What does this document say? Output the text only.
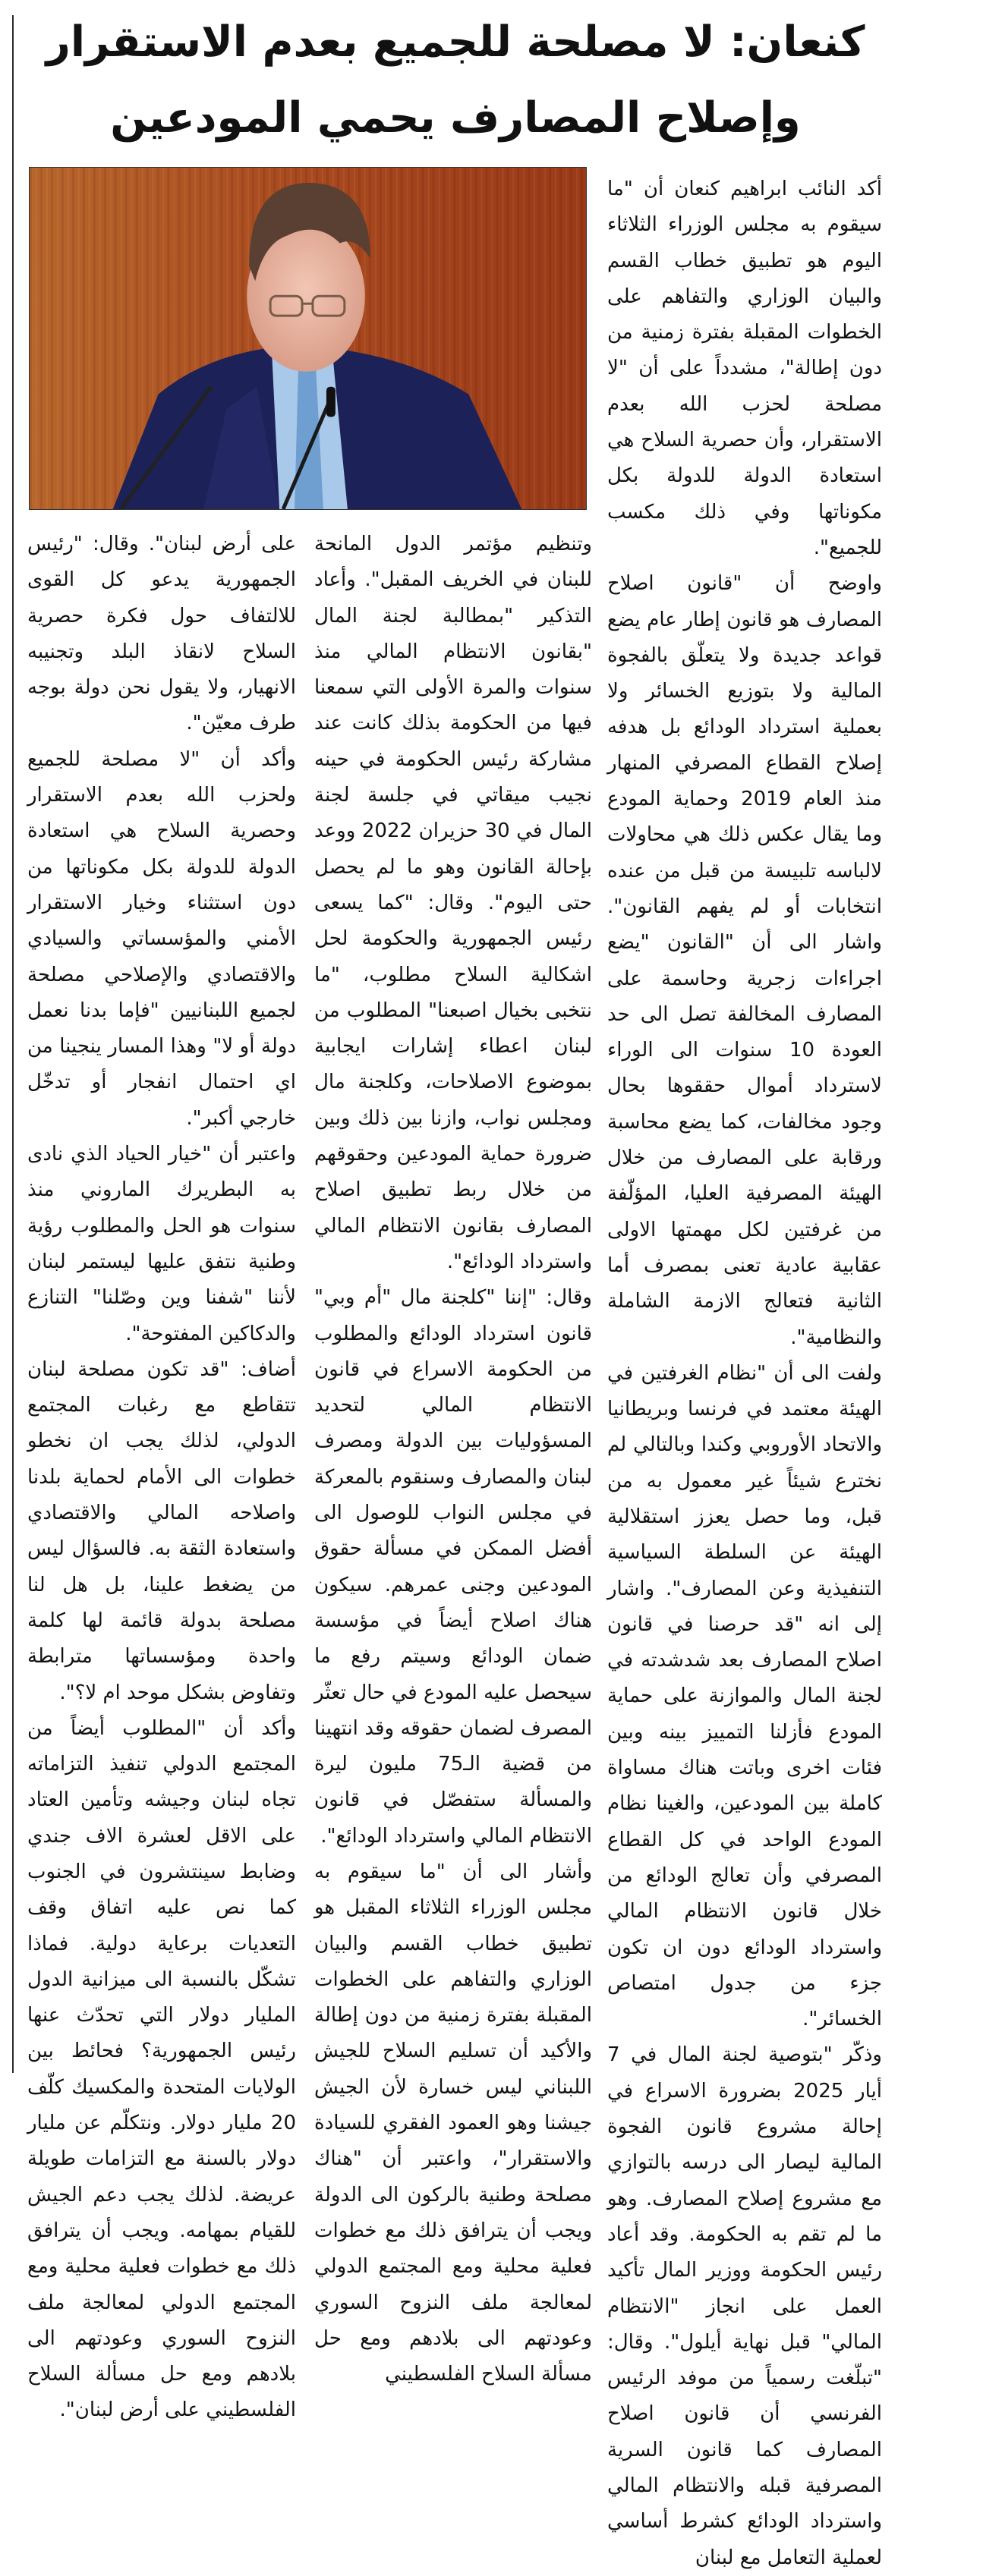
كنعان: لا مصلحة للجميع بعدم الاستقرار
وإصلاح المصارف يحمي المودعين

أكد النائب ابراهيم كنعان أن "ما سيقوم به مجلس الوزراء الثلاثاء اليوم هو تطبيق خطاب القسم والبيان الوزاري والتفاهم على الخطوات المقبلة بفترة زمنية من دون إطالة"، مشدداً على أن "لا مصلحة لحزب الله بعدم الاستقرار، وأن حصرية السلاح هي استعادة الدولة للدولة بكل مكوناتها وفي ذلك مكسب للجميع".

واوضح أن "قانون اصلاح المصارف هو قانون إطار عام يضع قواعد جديدة ولا يتعلّق بالفجوة المالية ولا بتوزيع الخسائر ولا بعملية استرداد الودائع بل هدفه إصلاح القطاع المصرفي المنهار منذ العام 2019 وحماية المودع وما يقال عكس ذلك هي محاولات لالباسه تلبيسة من قبل من عنده انتخابات أو لم يفهم القانون". واشار الى أن "القانون "يضع اجراءات زجرية وحاسمة على المصارف المخالفة تصل الى حد العودة 10 سنوات الى الوراء لاسترداد أموال حققوها بحال وجود مخالفات، كما يضع محاسبة ورقابة على المصارف من خلال الهيئة المصرفية العليا، المؤلّفة من غرفتين لكل مهمتها الاولى عقابية عادية تعنى بمصرف أما الثانية فتعالج الازمة الشاملة والنظامية".

ولفت الى أن "نظام الغرفتين في الهيئة معتمد في فرنسا وبريطانيا والاتحاد الأوروبي وكندا وبالتالي لم نخترع شيئاً غير معمول به من قبل، وما حصل يعزز استقلالية الهيئة عن السلطة السياسية التنفيذية وعن المصارف". واشار إلى انه "قد حرصنا في قانون اصلاح المصارف بعد شدشدته في لجنة المال والموازنة على حماية المودع فأزلنا التمييز بينه وبين فئات اخرى وباتت هناك مساواة كاملة بين المودعين، والغينا نظام المودع الواحد في كل القطاع المصرفي وأن تعالج الودائع من خلال قانون الانتظام المالي واسترداد الودائع دون ان تكون جزء من جدول امتصاص الخسائر".

وذكّر "بتوصية لجنة المال في 7 أيار 2025 بضرورة الاسراع في إحالة مشروع قانون الفجوة المالية ليصار الى درسه بالتوازي مع مشروع إصلاح المصارف. وهو ما لم تقم به الحكومة. وقد أعاد رئيس الحكومة ووزير المال تأكيد العمل على انجاز "الانتظام المالي" قبل نهاية أيلول". وقال: "تبلّغت رسمياً من موفد الرئيس الفرنسي أن قانون اصلاح المصارف كما قانون السرية المصرفية قبله والانتظام المالي واسترداد الودائع كشرط أساسي لعملية التعامل مع لبنان

وتنظيم مؤتمر الدول المانحة للبنان في الخريف المقبل". وأعاد التذكير "بمطالبة لجنة المال "بقانون الانتظام المالي منذ سنوات والمرة الأولى التي سمعنا فيها من الحكومة بذلك كانت عند مشاركة رئيس الحكومة في حينه نجيب ميقاتي في جلسة لجنة المال في 30 حزيران 2022 ووعد بإحالة القانون وهو ما لم يحصل حتى اليوم". وقال: "كما يسعى رئيس الجمهورية والحكومة لحل اشكالية السلاح مطلوب، "ما نتخبى بخيال اصبعنا" المطلوب من لبنان اعطاء إشارات ايجابية بموضوع الاصلاحات، وكلجنة مال ومجلس نواب، وازنا بين ذلك وبين ضرورة حماية المودعين وحقوقهم من خلال ربط تطبيق اصلاح المصارف بقانون الانتظام المالي واسترداد الودائع".

وقال: "إننا "كلجنة مال "أم وبي" قانون استرداد الودائع والمطلوب من الحكومة الاسراع في قانون الانتظام المالي لتحديد المسؤوليات بين الدولة ومصرف لبنان والمصارف وسنقوم بالمعركة في مجلس النواب للوصول الى أفضل الممكن في مسألة حقوق المودعين وجنى عمرهم. سيكون هناك اصلاح أيضاً في مؤسسة ضمان الودائع وسيتم رفع ما سيحصل عليه المودع في حال تعثّر المصرف لضمان حقوقه وقد انتهينا من قضية الـ75 مليون ليرة والمسألة ستفصّل في قانون الانتظام المالي واسترداد الودائع".

وأشار الى أن "ما سيقوم به مجلس الوزراء الثلاثاء المقبل هو تطبيق خطاب القسم والبيان الوزاري والتفاهم على الخطوات المقبلة بفترة زمنية من دون إطالة والأكيد أن تسليم السلاح للجيش اللبناني ليس خسارة لأن الجيش جيشنا وهو العمود الفقري للسيادة والاستقرار"، واعتبر أن "هناك مصلحة وطنية بالركون الى الدولة ويجب أن يترافق ذلك مع خطوات فعلية محلية ومع المجتمع الدولي لمعالجة ملف النزوح السوري وعودتهم الى بلادهم ومع حل مسألة السلاح الفلسطيني

على أرض لبنان". وقال: "رئيس الجمهورية يدعو كل القوى للالتفاف حول فكرة حصرية السلاح لانقاذ البلد وتجنيبه الانهيار، ولا يقول نحن دولة بوجه طرف معيّن".

وأكد أن "لا مصلحة للجميع ولحزب الله بعدم الاستقرار وحصرية السلاح هي استعادة الدولة للدولة بكل مكوناتها من دون استثناء وخيار الاستقرار الأمني والمؤسساتي والسيادي والاقتصادي والإصلاحي مصلحة لجميع اللبنانيين "فإما بدنا نعمل دولة أو لا" وهذا المسار ينجينا من اي احتمال انفجار أو تدخّل خارجي أكبر".

واعتبر أن "خيار الحياد الذي نادى به البطريرك الماروني منذ سنوات هو الحل والمطلوب رؤية وطنية نتفق عليها ليستمر لبنان لأننا "شفنا وين وصّلنا" التنازع والدكاكين المفتوحة".

أضاف: "قد تكون مصلحة لبنان تتقاطع مع رغبات المجتمع الدولي، لذلك يجب ان نخطو خطوات الى الأمام لحماية بلدنا واصلاحه المالي والاقتصادي واستعادة الثقة به. فالسؤال ليس من يضغط علينا، بل هل لنا مصلحة بدولة قائمة لها كلمة واحدة ومؤسساتها مترابطة وتفاوض بشكل موحد ام لا؟".

وأكد أن "المطلوب أيضاً من المجتمع الدولي تنفيذ التزاماته تجاه لبنان وجيشه وتأمين العتاد على الاقل لعشرة الاف جندي وضابط سينتشرون في الجنوب كما نص عليه اتفاق وقف التعديات برعاية دولية. فماذا تشكّل بالنسبة الى ميزانية الدول المليار دولار التي تحدّث عنها رئيس الجمهورية؟ فحائط بين الولايات المتحدة والمكسيك كلّف 20 مليار دولار. ونتكلّم عن مليار دولار بالسنة مع التزامات طويلة عريضة. لذلك يجب دعم الجيش للقيام بمهامه. ويجب أن يترافق ذلك مع خطوات فعلية محلية ومع المجتمع الدولي لمعالجة ملف النزوح السوري وعودتهم الى بلادهم ومع حل مسألة السلاح الفلسطيني على أرض لبنان".
